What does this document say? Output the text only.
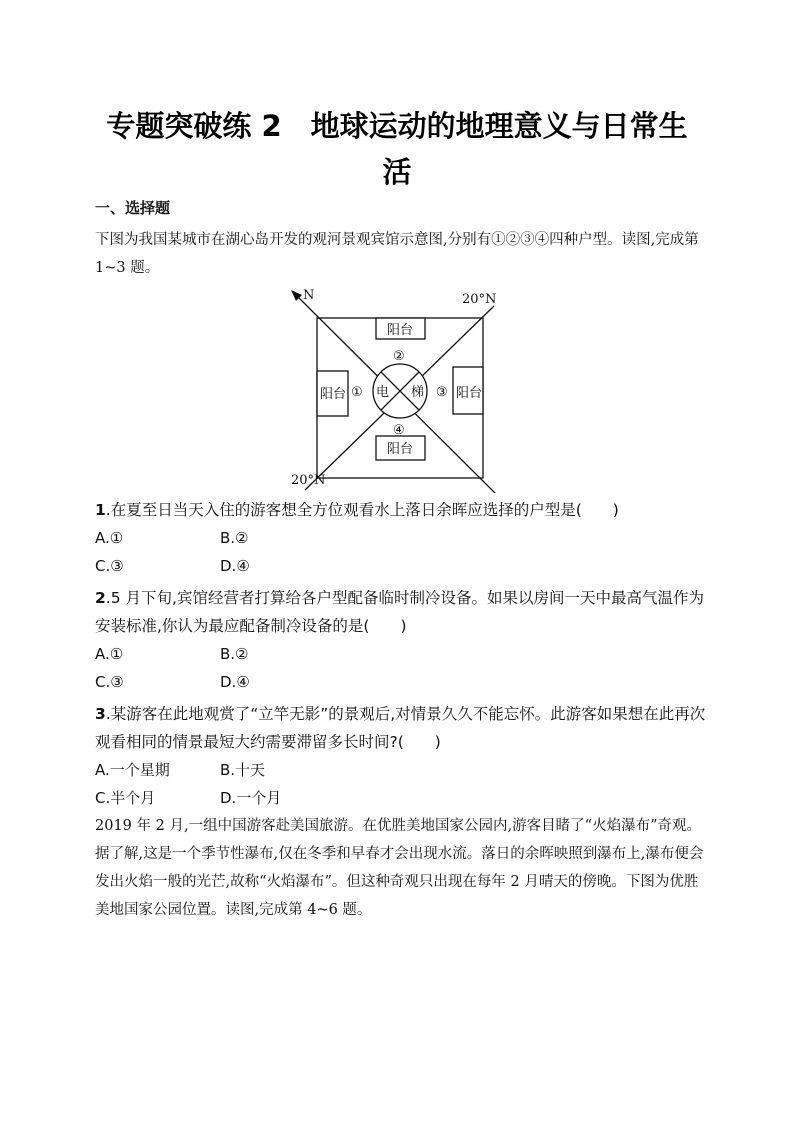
专题突破练 2　地球运动的地理意义与日常生
活
一、选择题

下图为我国某城市在湖心岛开发的观河景观宾馆示意图,分别有①②③④四种户型。读图,完成第 1~3 题。

N	20°N
20°N
阳台
阳台
阳台	阳台
电 梯
①
②
③
④

1.在夏至日当天入住的游客想全方位观看水上落日余晖应选择的户型是(　　)

A.①	B.②
C.③	D.④

2.5 月下旬,宾馆经营者打算给各户型配备临时制冷设备。如果以房间一天中最高气温作为安装标准,你认为最应配备制冷设备的是(　　)

A.①	B.②
C.③	D.④

3.某游客在此地观赏了“立竿无影”的景观后,对情景久久不能忘怀。此游客如果想在此再次观看相同的情景最短大约需要滞留多长时间?(　　)

A.一个星期	B.十天
C.半个月	D.一个月

2019 年 2 月,一组中国游客赴美国旅游。在优胜美地国家公园内,游客目睹了“火焰瀑布”奇观。据了解,这是一个季节性瀑布,仅在冬季和早春才会出现水流。落日的余晖映照到瀑布上,瀑布便会发出火焰一般的光芒,故称“火焰瀑布”。但这种奇观只出现在每年 2 月晴天的傍晚。下图为优胜美地国家公园位置。读图,完成第 4~6 题。
